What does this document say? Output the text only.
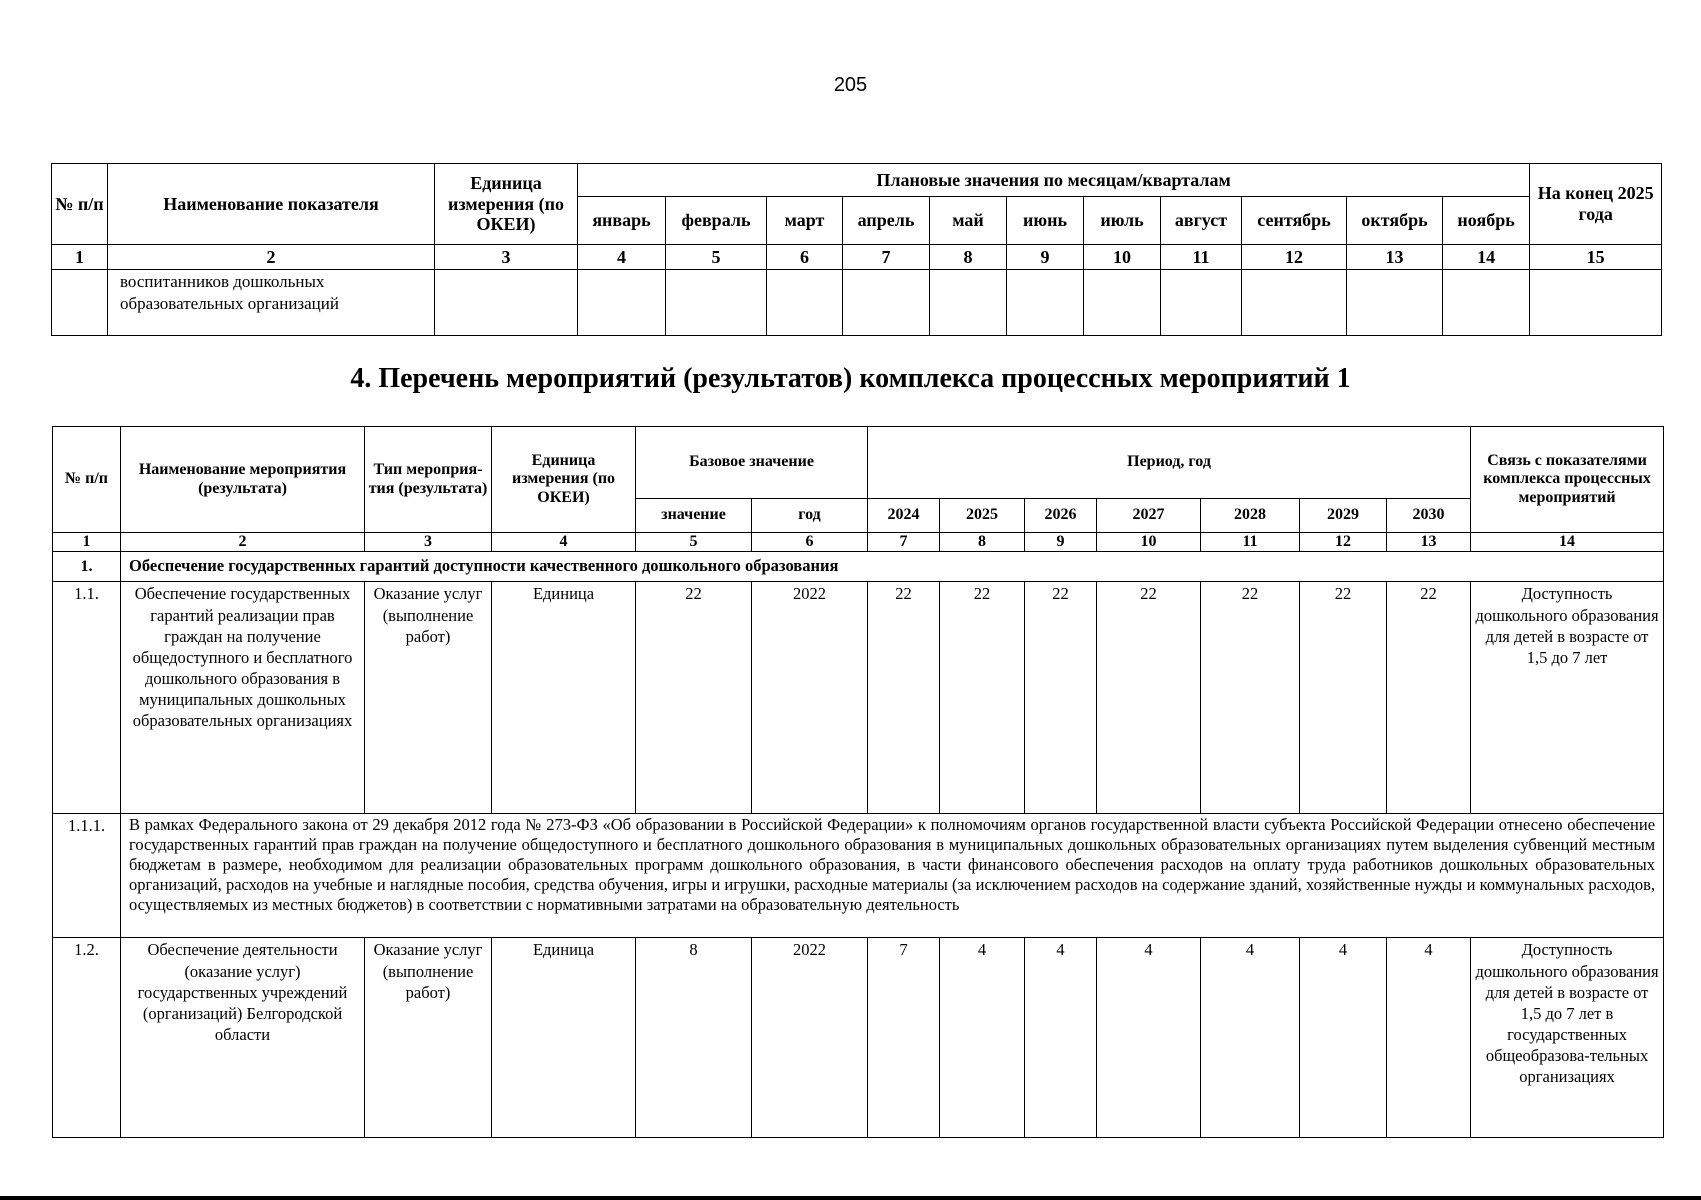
205
№ п/п	Наименование показателя	Единица измерения (по ОКЕИ)	Плановые значения по месяцам/кварталам											На конец 2025 года	
			январь	февраль	март	апрель	май	июнь	июль	август	сентябрь	октябрь	ноябрь		
1	2	3	4	5	6	7	8	9	10	11	12	13	14	15	
	воспитанников дошкольных образовательных организаций														
4. Перечень мероприятий (результатов) комплекса процессных мероприятий 1
№ п/п	Наименование мероприятия (результата)	Тип мероприя-тия (результата)	Единица измерения (по ОКЕИ)	Базовое значение		Период, год							Связь с показателями комплекса процессных мероприятий
				значение	год	2024	2025	2026	2027	2028	2029	2030	
1	2	3	4	5	6	7	8	9	10	11	12	13	14
1.	Обеспечение государственных гарантий доступности качественного дошкольного образования												
1.1.	Обеспечение государственных гарантий реализации прав граждан на получение общедоступного и бесплатного дошкольного образования в муниципальных дошкольных образовательных организациях	Оказание услуг (выполнение работ)	Единица	22	2022	22	22	22	22	22	22	22	Доступность дошкольного образования для детей в возрасте от 1,5 до 7 лет
1.1.1.	В рамках Федерального закона от 29 декабря 2012 года № 273-ФЗ «Об образовании в Российской Федерации» к полномочиям органов государственной власти субъекта Российской Федерации отнесено обеспечение государственных гарантий прав граждан на получение общедоступного и бесплатного дошкольного образования в муниципальных дошкольных образовательных организациях путем выделения субвенций местным бюджетам в размере, необходимом для реализации образовательных программ дошкольного образования, в части финансового обеспечения расходов на оплату труда работников дошкольных образовательных организаций, расходов на учебные и наглядные пособия, средства обучения, игры и игрушки, расходные материалы (за исключением расходов на содержание зданий, хозяйственные нужды и коммунальных расходов, осуществляемых из местных бюджетов) в соответствии с нормативными затратами на образовательную деятельность												
1.2.	Обеспечение деятельности (оказание услуг) государственных учреждений (организаций) Белгородской области	Оказание услуг (выполнение работ)	Единица	8	2022	7	4	4	4	4	4	4	Доступность дошкольного образования для детей в возрасте от 1,5 до 7 лет в государственных общеобразова-тельных организациях
